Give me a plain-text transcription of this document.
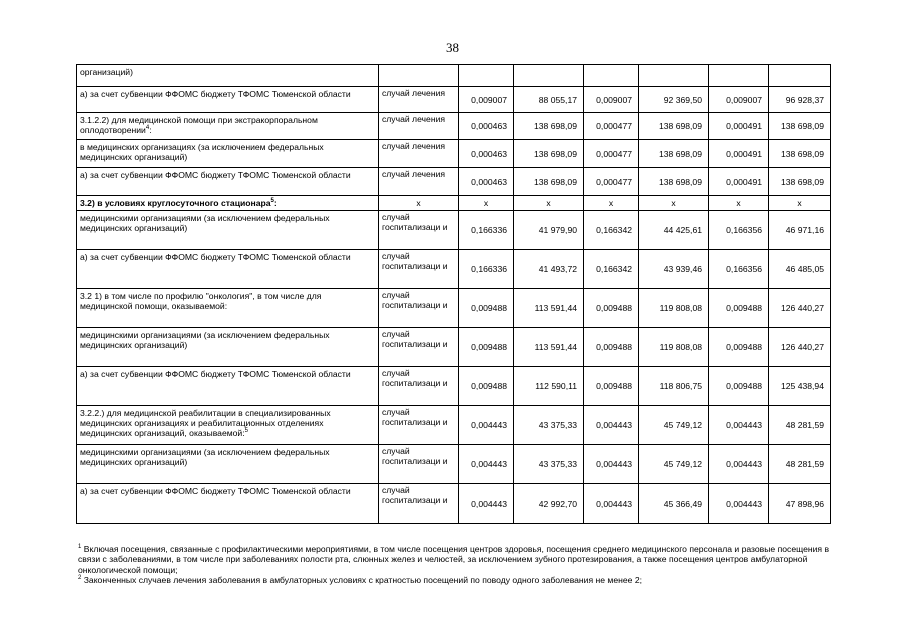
38
организаций)							
а) за счет субвенции ФФОМС бюджету ТФОМС Тюменской области	случай лечения	0,009007	88 055,17	0,009007	92 369,50	0,009007	96 928,37
3.1.2.2) для медицинской помощи при экстракорпоральном оплодотворении$^4$:	случай лечения	0,000463	138 698,09	0,000477	138 698,09	0,000491	138 698,09
в медицинских организациях (за исключением федеральных медицинских организаций)	случай лечения	0,000463	138 698,09	0,000477	138 698,09	0,000491	138 698,09
а) за счет субвенции ФФОМС бюджету ТФОМС Тюменской области	случай лечения	0,000463	138 698,09	0,000477	138 698,09	0,000491	138 698,09
3.2) в условиях круглосуточного стационара$^5$:	х	х	х	х	х	х	х
медицинскими организациями (за исключением федеральных медицинских организаций)	случай госпитализаци и	0,166336	41 979,90	0,166342	44 425,61	0,166356	46 971,16
а) за счет субвенции ФФОМС бюджету ТФОМС Тюменской области	случай госпитализаци и	0,166336	41 493,72	0,166342	43 939,46	0,166356	46 485,05
3.2 1) в том числе по профилю "онкология", в том числе для медицинской помощи, оказываемой:	случай госпитализаци и	0,009488	113 591,44	0,009488	119 808,08	0,009488	126 440,27
медицинскими организациями (за исключением федеральных медицинских организаций)	случай госпитализаци и	0,009488	113 591,44	0,009488	119 808,08	0,009488	126 440,27
а) за счет субвенции ФФОМС бюджету ТФОМС Тюменской области	случай госпитализаци и	0,009488	112 590,11	0,009488	118 806,75	0,009488	125 438,94
3.2.2.) для медицинской реабилитации в специализированных медицинских организациях и реабилитационных отделениях медицинских организаций, оказываемой:$^5$	случай госпитализаци и	0,004443	43 375,33	0,004443	45 749,12	0,004443	48 281,59
медицинскими организациями (за исключением федеральных медицинских организаций)	случай госпитализаци и	0,004443	43 375,33	0,004443	45 749,12	0,004443	48 281,59
а) за счет субвенции ФФОМС бюджету ТФОМС Тюменской области	случай госпитализаци и	0,004443	42 992,70	0,004443	45 366,49	0,004443	47 898,96

$^1$ Включая посещения, связанные с профилактическими мероприятиями, в том числе посещения центров здоровья, посещения среднего медицинского персонала и разовые посещения в связи с заболеваниями, в том числе при заболеваниях полости рта, слюнных желез и челюстей, за исключением зубного протезирования, а также посещения центров амбулаторной онкологической помощи;

$^2$ Законченных случаев лечения заболевания в амбулаторных условиях с кратностью посещений по поводу одного заболевания не менее 2;
